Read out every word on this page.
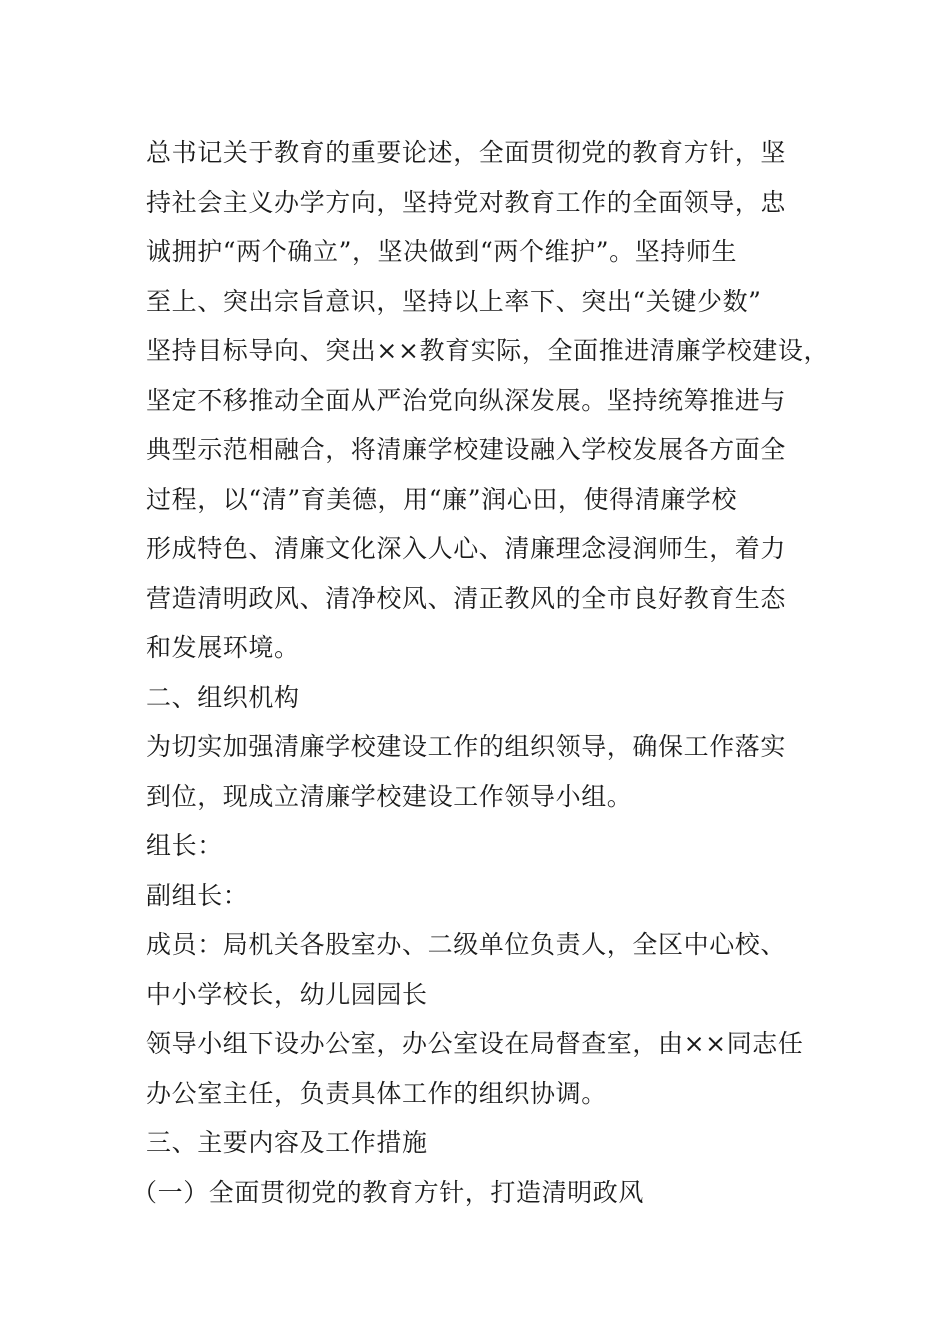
总书记关于教育的重要论述，全面贯彻党的教育方针，坚
持社会主义办学方向，坚持党对教育工作的全面领导，忠
诚拥护“两个确立”，坚决做到“两个维护”。坚持师生
至上、突出宗旨意识，坚持以上率下、突出“关键少数”
坚持目标导向、突出××教育实际，全面推进清廉学校建设，
坚定不移推动全面从严治党向纵深发展。坚持统筹推进与
典型示范相融合，将清廉学校建设融入学校发展各方面全
过程，以“清”育美德，用“廉”润心田，使得清廉学校
形成特色、清廉文化深入人心、清廉理念浸润师生，着力
营造清明政风、清净校风、清正教风的全市良好教育生态
和发展环境。
二、组织机构
为切实加强清廉学校建设工作的组织领导，确保工作落实
到位，现成立清廉学校建设工作领导小组。
组长：
副组长：
成员：局机关各股室办、二级单位负责人，全区中心校、
中小学校长，幼儿园园长
领导小组下设办公室，办公室设在局督查室，由××同志任
办公室主任，负责具体工作的组织协调。
三、主要内容及工作措施
（一）全面贯彻党的教育方针，打造清明政风
